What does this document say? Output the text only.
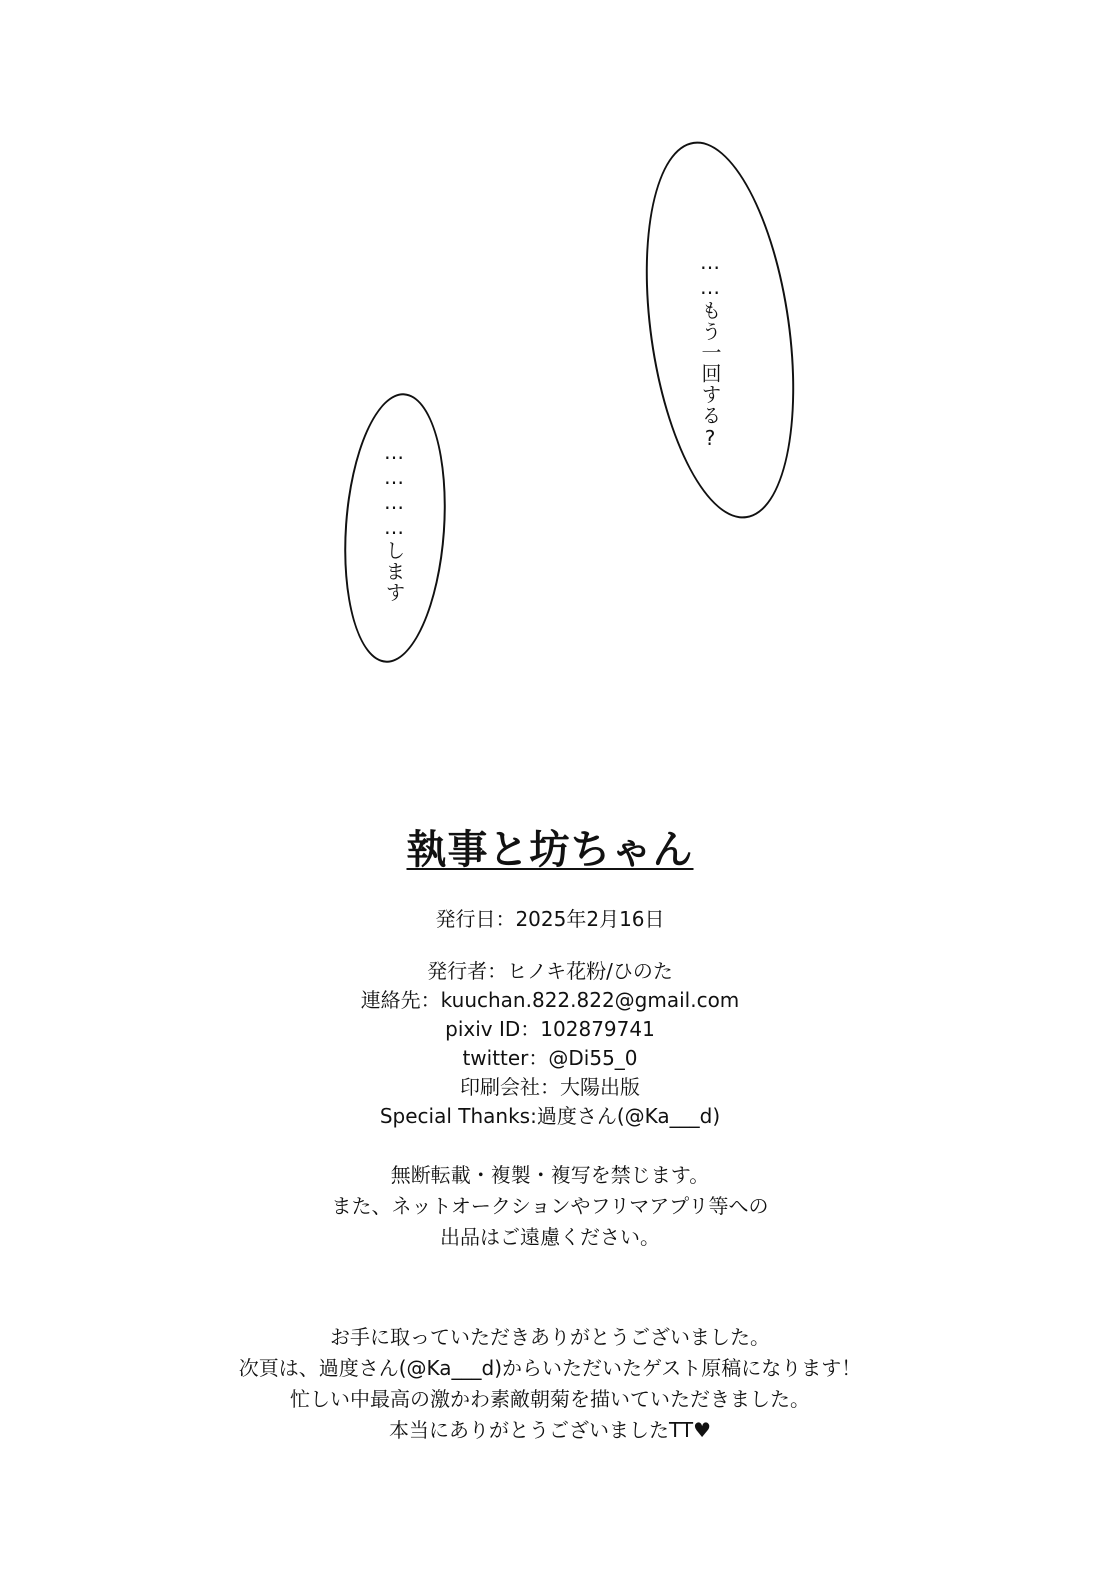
……もう一回する?
…………します
執事と坊ちゃん
発行日：2025年2月16日
発行者：ヒノキ花粉/ひのた
連絡先：kuuchan.822.822@gmail.com
pixiv ID：102879741
twitter：@Di55_0
印刷会社：大陽出版
Special Thanks:過度さん(@Ka___d)
無断転載・複製・複写を禁じます。
また、ネットオークションやフリマアプリ等への
出品はご遠慮ください。
お手に取っていただきありがとうございました。
次頁は、過度さん(@Ka___d)からいただいたゲスト原稿になります！
忙しい中最高の激かわ素敵朝菊を描いていただきました。
本当にありがとうございましたTT♥
